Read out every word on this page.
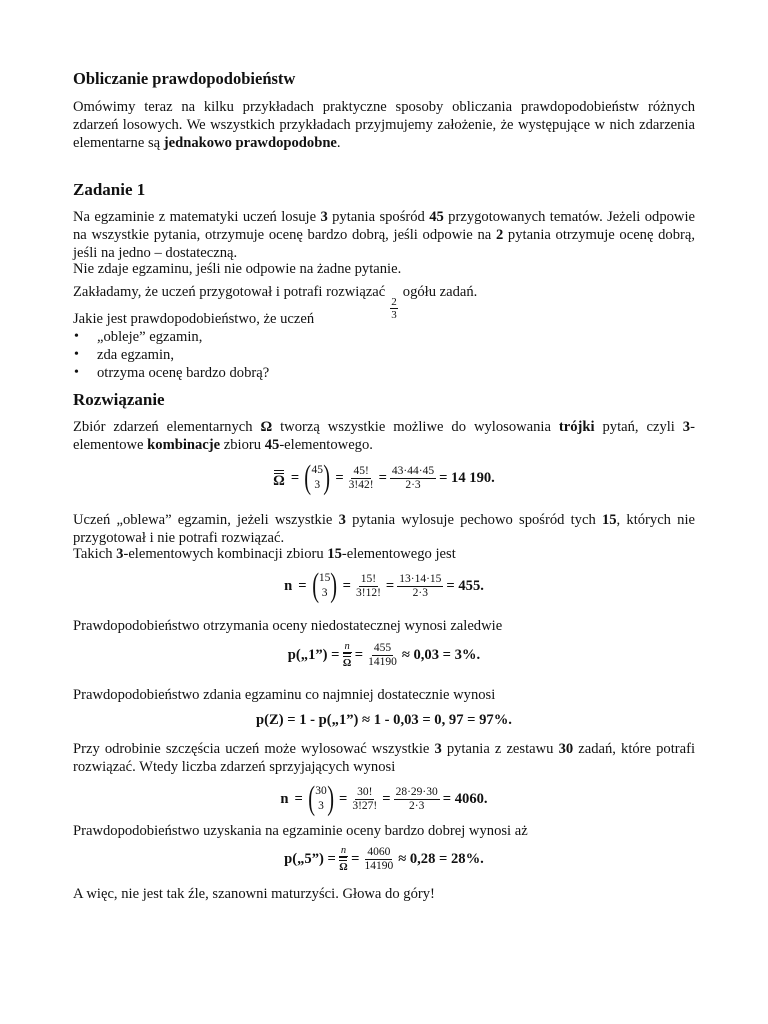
Obliczanie prawdopodobieństw

Omówimy teraz na kilku przykładach praktyczne sposoby obliczania prawdopodobieństw różnych zdarzeń losowych. We wszystkich przykładach przyjmujemy założenie, że występujące w nich zdarzenia elementarne są jednakowo prawdopodobne.

Zadanie 1

Na egzaminie z matematyki uczeń losuje 3 pytania spośród 45 przygotowanych tematów. Jeżeli odpowie na wszystkie pytania, otrzymuje ocenę bardzo dobrą, jeśli odpowie na 2 pytania otrzymuje ocenę dobrą, jeśli na jedno – dostateczną.

Nie zdaje egzaminu, jeśli nie odpowie na żadne pytanie.

Zakładamy, że uczeń przygotował i potrafi rozwiązać
$\frac{2}{3}$
ogółu zadań.

Jakie jest prawdopodobieństwo, że uczeń

• „obleje” egzamin,
• zda egzamin,
• otrzyma ocenę bardzo dobrą?
Rozwiązanie

Zbiór zdarzeń elementarnych Ω tworzą wszystkie możliwe do wylosowania trójki pytań, czyli 3-elementowe kombinacje zbioru 45-elementowego.

Ω = ( 45
3 ) = $\frac{45!}{3!42!} = \frac{43\cdot 44\cdot 45}{2\cdot 3} = 14$ 190.

Uczeń „oblewa” egzamin, jeżeli wszystkie 3 pytania wylosuje pechowo spośród tych 15, których nie przygotował i nie potrafi rozwiązać.

Takich 3-elementowych kombinacji zbioru 15-elementowego jest

n = ( 15
3 ) = $\frac{15!}{3!12!} = \frac{13\cdot 14\cdot 15}{2\cdot 3} = 455$.

Prawdopodobieństwo otrzymania oceny niedostatecznej wynosi zaledwie

p(„1”) = $\frac{n}{\Omega} = \frac{455}{14190} \approx 0,03 = 3\%$.

Prawdopodobieństwo zdania egzaminu co najmniej dostatecznie wynosi

p(Z) = 1 - p(„1”) ≈ 1 - 0,03 = 0, 97 = 97%.

Przy odrobinie szczęścia uczeń może wylosować wszystkie 3 pytania z zestawu 30 zadań, które potrafi rozwiązać. Wtedy liczba zdarzeń sprzyjających wynosi

n = ( 30
3 ) = $\frac{30!}{3!27!} = \frac{28\cdot 29\cdot 30}{2\cdot 3} = 4060$.

Prawdopodobieństwo uzyskania na egzaminie oceny bardzo dobrej wynosi aż

p(„5”) = $\frac{n}{\Omega} = \frac{4060}{14190} \approx 0,28 = 28\%$.

A więc, nie jest tak źle, szanowni maturzyści. Głowa do góry!
